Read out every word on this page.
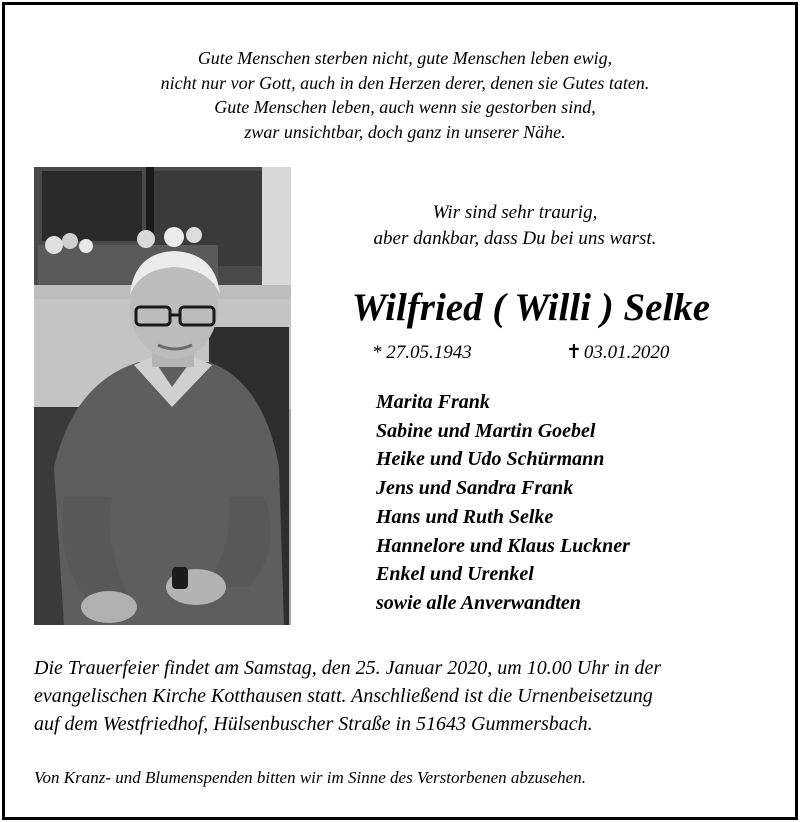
Gute Menschen sterben nicht, gute Menschen leben ewig,
nicht nur vor Gott, auch in den Herzen derer, denen sie Gutes taten.
Gute Menschen leben, auch wenn sie gestorben sind,
zwar unsichtbar, doch ganz in unserer Nähe.
Wir sind sehr traurig,
aber dankbar, dass Du bei uns warst.
Wilfried ( Willi ) Selke
* 27.05.1943	✝ 03.01.2020
Marita Frank
Sabine und Martin Goebel
Heike und Udo Schürmann
Jens und Sandra Frank
Hans und Ruth Selke
Hannelore und Klaus Luckner
Enkel und Urenkel
sowie alle Anverwandten
Die Trauerfeier findet am Samstag, den 25. Januar 2020, um 10.00 Uhr in der
evangelischen Kirche Kotthausen statt. Anschließend ist die Urnenbeisetzung
auf dem Westfriedhof, Hülsenbuscher Straße in 51643 Gummersbach.
Von Kranz- und Blumenspenden bitten wir im Sinne des Verstorbenen abzusehen.
